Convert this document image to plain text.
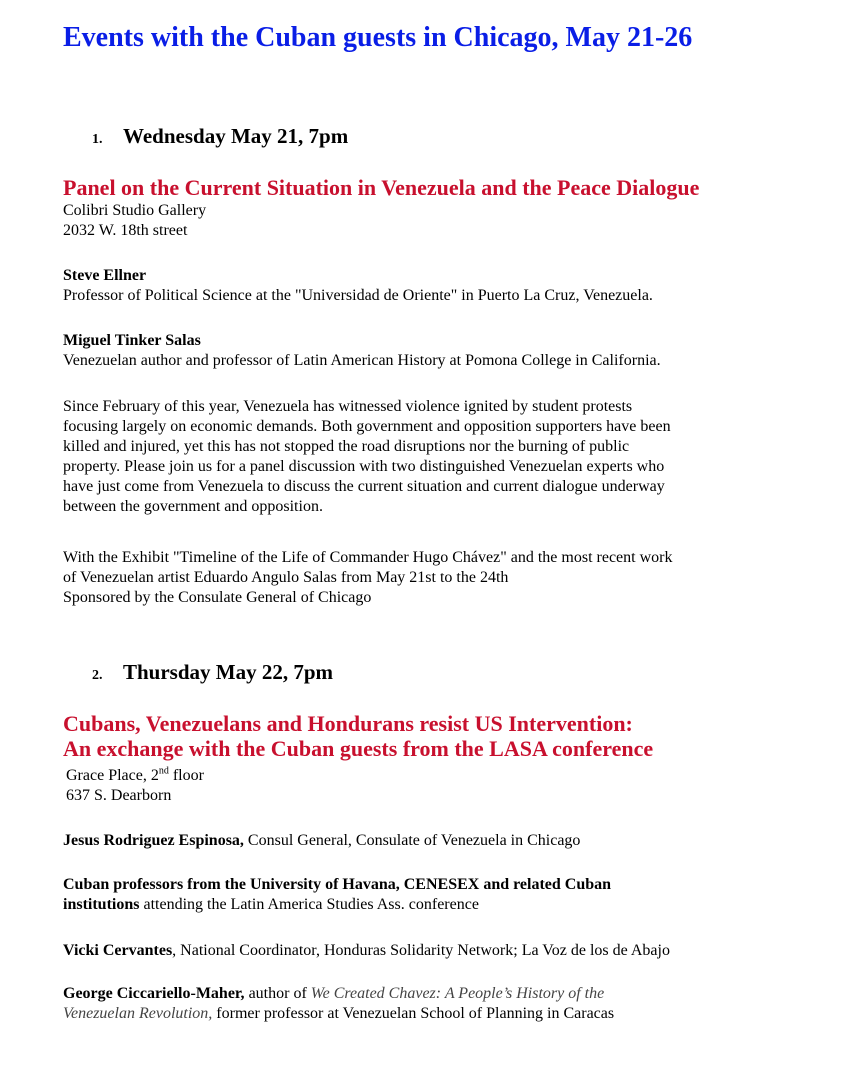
Events with the Cuban guests in Chicago, May 21-26
1. Wednesday May 21, 7pm
Panel on the Current Situation in Venezuela and the Peace Dialogue
Colibri Studio Gallery
2032 W. 18th street
Steve Ellner
Professor of Political Science at the "Universidad de Oriente" in Puerto La Cruz, Venezuela.
Miguel Tinker Salas
Venezuelan author and professor of Latin American History at Pomona College in California.
Since February of this year, Venezuela has witnessed violence ignited by student protests
focusing largely on economic demands. Both government and opposition supporters have been
killed and injured, yet this has not stopped the road disruptions nor the burning of public
property. Please join us for a panel discussion with two distinguished Venezuelan experts who
have just come from Venezuela to discuss the current situation and current dialogue underway
between the government and opposition.
With the Exhibit "Timeline of the Life of Commander Hugo Chávez" and the most recent work
of Venezuelan artist Eduardo Angulo Salas from May 21st to the 24th
Sponsored by the Consulate General of Chicago
2. Thursday May 22, 7pm
Cubans, Venezuelans and Hondurans resist US Intervention:
An exchange with the Cuban guests from the LASA conference
Grace Place, 2nd floor
637 S. Dearborn
Jesus Rodriguez Espinosa, Consul General, Consulate of Venezuela in Chicago
Cuban professors from the University of Havana, CENESEX and related Cuban
institutions attending the Latin America Studies Ass. conference
Vicki Cervantes, National Coordinator, Honduras Solidarity Network; La Voz de los de Abajo
George Ciccariello-Maher, author of We Created Chavez: A People’s History of the
Venezuelan Revolution, former professor at Venezuelan School of Planning in Caracas
